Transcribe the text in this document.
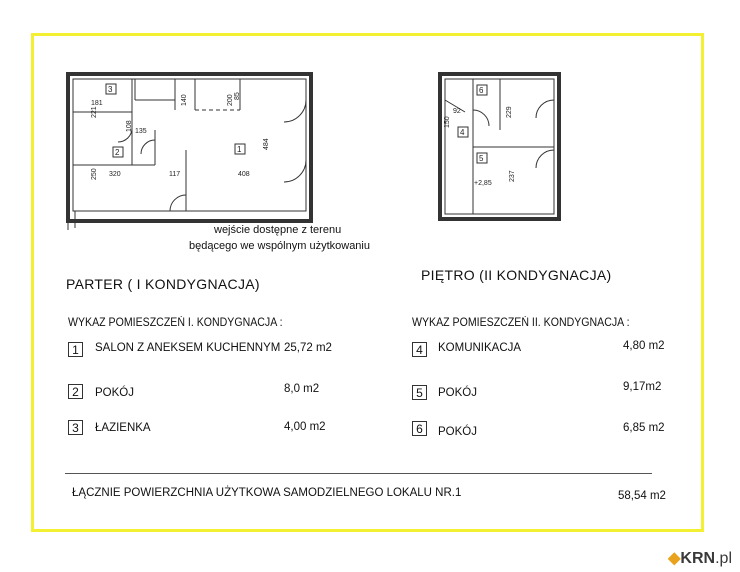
181
221
108 135
140	200 85
484
250 320	117	408
92
150
229
237
+2,85
3
2	1
6
4
5
wejście dostępne z terenu
będącego we wspólnym użytkowaniu
PARTER ( I KONDYGNACJA)
PIĘTRO (II KONDYGNACJA)
WYKAZ POMIESZCZEŃ I. KONDYGNACJA :	WYKAZ POMIESZCZEŃ II. KONDYGNACJA :
1	SALON Z ANEKSEM KUCHENNYM 25,72 m2
2	POKÓJ	8,0 m2
3	ŁAZIENKA	4,00 m2
4	KOMUNIKACJA	4,80 m2
5	POKÓJ	9,17m2
6	POKÓJ	6,85 m2
ŁĄCZNIE POWIERZCHNIA UŻYTKOWA SAMODZIELNEGO LOKALU NR.1	58,54 m2
◆KRN.pl
